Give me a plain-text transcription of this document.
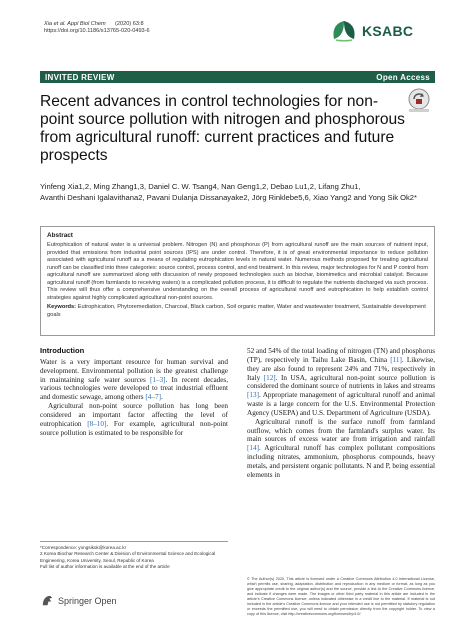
Xia et al. Appl Biol Chem (2020) 63:8
https://doi.org/10.1186/s13765-020-0493-6	KSABC
INVITED REVIEW	Open Access
Recent advances in control technologies for non-point source pollution with nitrogen and phosphorous from agricultural runoff: current practices and future prospects
Yinfeng Xia1,2, Ming Zhang1,3, Daniel C. W. Tsang4, Nan Geng1,2, Debao Lu1,2, Lifang Zhu1,
Avanthi Deshani Igalavithana2, Pavani Dulanja Dissanayake2, Jörg Rinklebe5,6, Xiao Yang2 and Yong Sik Ok2*
Abstract
Eutrophication of natural water is a universal problem. Nitrogen (N) and phosphorus (P) from agricultural runoff are the main sources of nutrient input, provided that emissions from industrial point sources (IPS) are under control. Therefore, it is of great environmental importance to reduce pollution associated with agricultural runoff as a means of regulating eutrophication levels in natural water. Numerous methods proposed for treating agricultural runoff can be classified into three categories: source control, process control, and end treatment. In this review, major technologies for N and P control from agricultural runoff are summarized along with discussion of newly proposed technologies such as biochar, biomimetics and microbial catalyst. Because agricultural runoff (from farmlands to receiving waters) is a complicated pollution process, it is difficult to regulate the nutrients discharged via such process. This review will thus offer a comprehensive understanding on the overall process of agricultural runoff and eutrophication to help establish control strategies against highly complicated agricultural non-point sources.
Keywords: Eutrophication, Phytoremediation, Charcoal, Black carbon, Soil organic matter, Water and wastewater treatment, Sustainable development goals
Introduction

Water is a very important resource for human survival and development. Environmental pollution is the greatest challenge in maintaining safe water sources [1–3]. In recent decades, various technologies were developed to treat industrial effluent and domestic sewage, among others [4–7].

Agricultural non-point source pollution has long been considered an important factor affecting the level of eutrophication [8–10]. For example, agricultural non-point source pollution is estimated to be responsible for

*Correspondence: yongsikok@korea.ac.kr
2 Korea Biochar Research Center & Division of Environmental Science and Ecological Engineering, Korea University, Seoul, Republic of Korea
Full list of author information is available at the end of the article
Springer Open

52 and 54% of the total loading of nitrogen (TN) and phosphorus (TP), respectively in Taihu Lake Basin, China [11]. Likewise, they are also found to represent 24% and 71%, respectively in Italy [12]. In USA, agricultural non-point source pollution is considered the dominant source of nutrients in lakes and streams [13]. Appropriate management of agricultural runoff and animal waste is a large concern for the U.S. Environmental Protection Agency (USEPA) and U.S. Department of Agriculture (USDA).

Agricultural runoff is the surface runoff from farmland outflow, which comes from the farmland's surplus water. Its main sources of excess water are from irrigation and rainfall [14]. Agricultural runoff has complex pollutant compositions including nitrates, ammonium, phosphorus compounds, heavy metals, and persistent organic pollutants. N and P, being essential elements in

© The Author(s) 2020. This article is licensed under a Creative Commons Attribution 4.0 International License, which permits use, sharing, adaptation, distribution and reproduction in any medium or format, as long as you give appropriate credit to the original author(s) and the source, provide a link to the Creative Commons licence, and indicate if changes were made. The images or other third party material in this article are included in the article's Creative Commons licence, unless indicated otherwise in a credit line to the material. If material is not included in the article's Creative Commons licence and your intended use is not permitted by statutory regulation or exceeds the permitted use, you will need to obtain permission directly from the copyright holder. To view a copy of this licence, visit http://creativecommons.org/licenses/by/4.0/.
